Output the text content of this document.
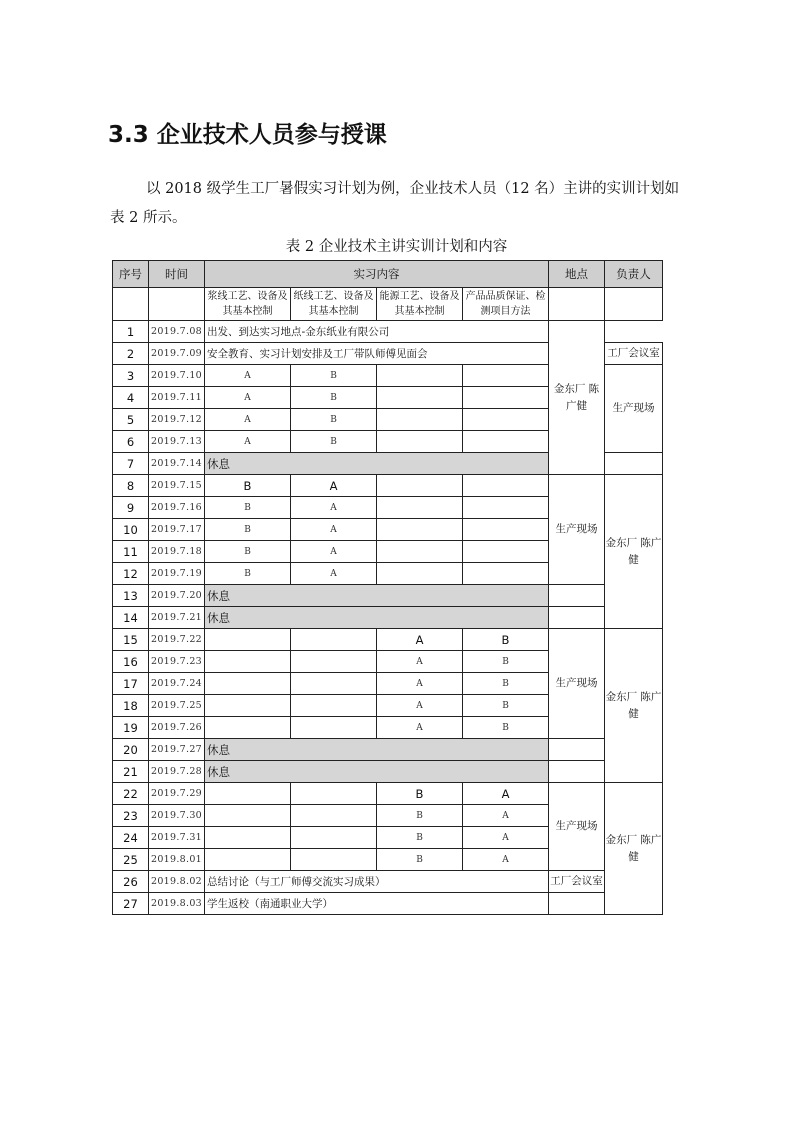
3.3 企业技术人员参与授课

以 2018 级学生工厂暑假实习计划为例，企业技术人员（12 名）主讲的实训计划如表 2 所示。

表 2 企业技术主讲实训计划和内容
序号	时间	实习内容				地点	负责人
		浆线工艺、设备及其基本控制	纸线工艺、设备及其基本控制	能源工艺、设备及其基本控制	产品品质保证、检测项目方法		
1	2019.7.08	出发、到达实习地点-金东纸业有限公司				金东厂 陈广健	
2	2019.7.09	安全教育、实习计划安排及工厂带队师傅见面会					工厂会议室
3	2019.7.10	A	B				生产现场
4	2019.7.11	A	B				
5	2019.7.12	A	B				
6	2019.7.13	A	B				
7	2019.7.14	休息					
8	2019.7.15	B	A			生产现场	金东厂 陈广健
9	2019.7.16	B	A				
10	2019.7.17	B	A				
11	2019.7.18	B	A				
12	2019.7.19	B	A				
13	2019.7.20	休息					
14	2019.7.21	休息					
15	2019.7.22			A	B	生产现场	金东厂 陈广健
16	2019.7.23			A	B		
17	2019.7.24			A	B		
18	2019.7.25			A	B		
19	2019.7.26			A	B		
20	2019.7.27	休息					
21	2019.7.28	休息					
22	2019.7.29			B	A	生产现场	金东厂 陈广健
23	2019.7.30			B	A		
24	2019.7.31			B	A		
25	2019.8.01			B	A		
26	2019.8.02	总结讨论（与工厂师傅交流实习成果）				工厂会议室	
27	2019.8.03	学生返校（南通职业大学）					
